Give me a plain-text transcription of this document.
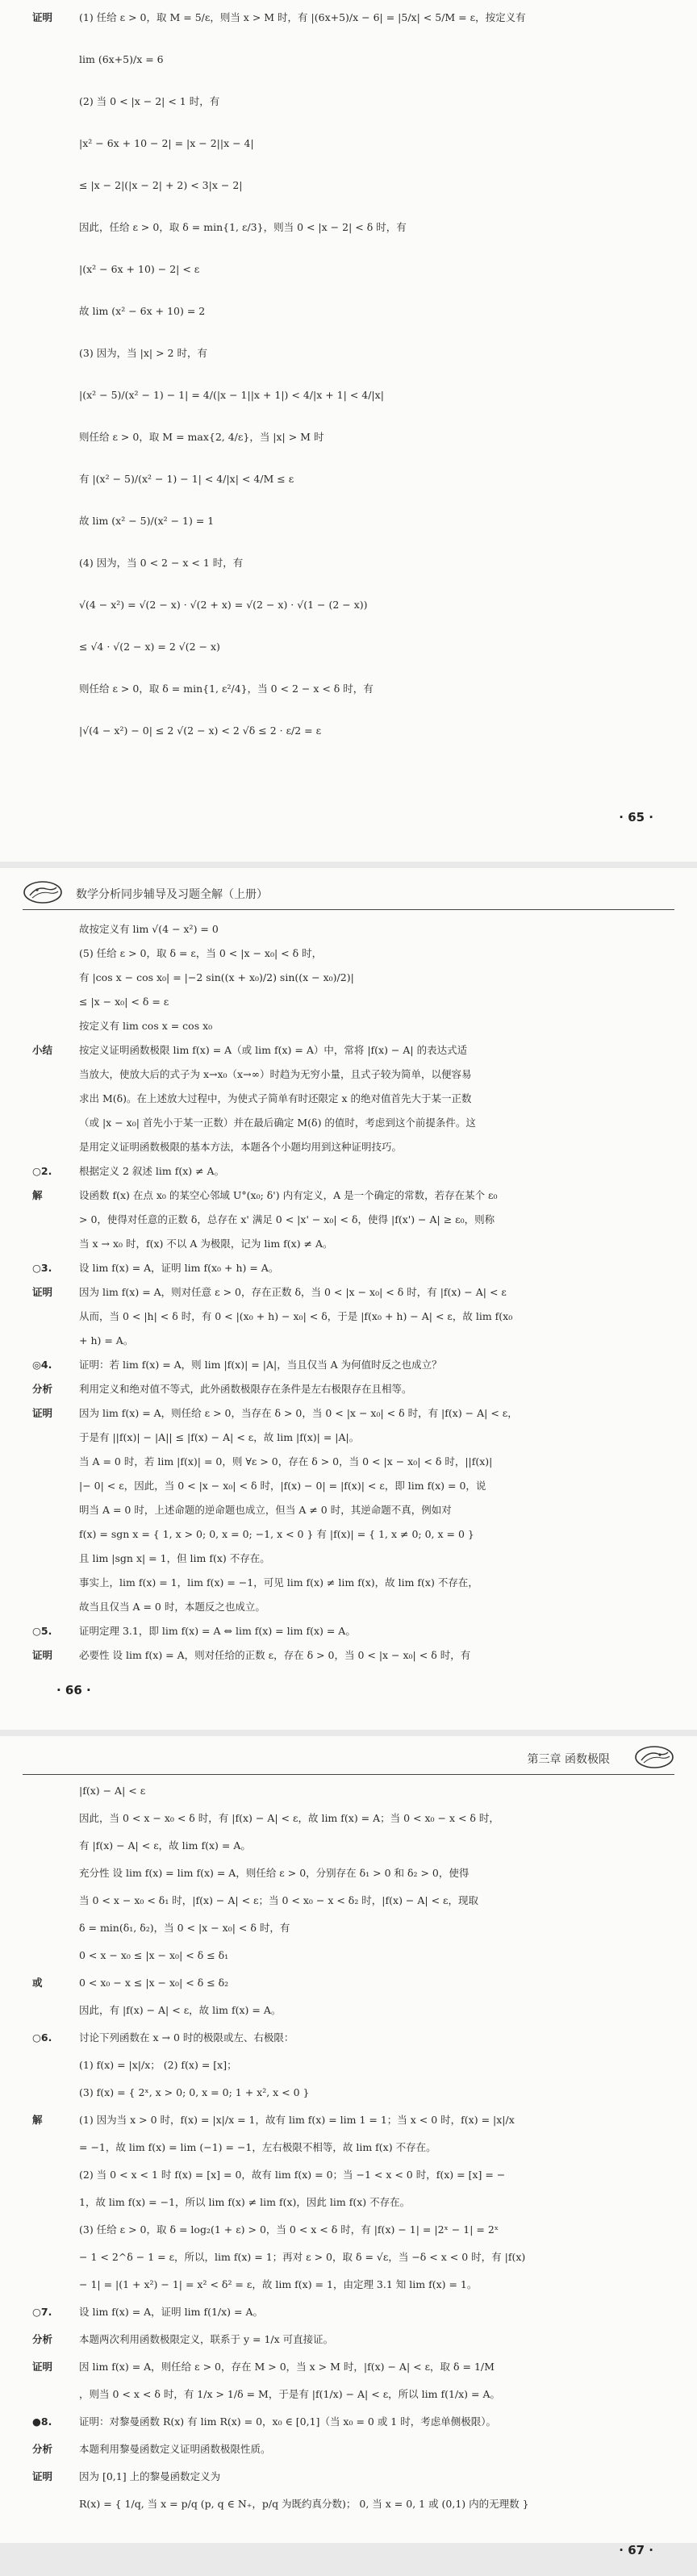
证明	(1) 任给 ε > 0，取 M = 5/ε，则当 x > M 时，有 |(6x+5)/x − 6| = |5/x| < 5/M = ε，按定义有
lim (6x+5)/x = 6
(2) 当 0 < |x − 2| < 1 时，有
|x² − 6x + 10 − 2| = |x − 2||x − 4|
≤ |x − 2|(|x − 2| + 2) < 3|x − 2|
因此，任给 ε > 0，取 δ = min{1, ε/3}，则当 0 < |x − 2| < δ 时，有
|(x² − 6x + 10) − 2| < ε
故 lim (x² − 6x + 10) = 2
(3) 因为，当 |x| > 2 时，有
|(x² − 5)/(x² − 1) − 1| = 4/(|x − 1||x + 1|) < 4/|x + 1| < 4/|x|
则任给 ε > 0，取 M = max{2, 4/ε}，当 |x| > M 时
有 |(x² − 5)/(x² − 1) − 1| < 4/|x| < 4/M ≤ ε
故 lim (x² − 5)/(x² − 1) = 1
(4) 因为，当 0 < 2 − x < 1 时，有
√(4 − x²) = √(2 − x) · √(2 + x) = √(2 − x) · √(1 − (2 − x))
≤ √4 · √(2 − x) = 2 √(2 − x)
则任给 ε > 0，取 δ = min{1, ε²/4}，当 0 < 2 − x < δ 时，有
|√(4 − x²) − 0| ≤ 2 √(2 − x) < 2 √δ ≤ 2 · ε/2 = ε
· 65 ·
数学分析同步辅导及习题全解（上册）
故按定义有 lim √(4 − x²) = 0
(5) 任给 ε > 0，取 δ = ε，当 0 < |x − x₀| < δ 时，
有 |cos x − cos x₀| = |−2 sin((x + x₀)/2) sin((x − x₀)/2)|
≤ |x − x₀| < δ = ε
按定义有 lim cos x = cos x₀
小结	按定义证明函数极限 lim f(x) = A（或 lim f(x) = A）中，常将 |f(x) − A| 的表达式适
当放大，使放大后的式子为 x→x₀（x→∞）时趋为无穷小量，且式子较为简单，以便容易
求出 M(δ)。在上述放大过程中，为使式子简单有时还限定 x 的绝对值首先大于某一正数
（或 |x − x₀| 首先小于某一正数）并在最后确定 M(δ) 的值时，考虑到这个前提条件。这
是用定义证明函数极限的基本方法，本题各个小题均用到这种证明技巧。
○2.	根据定义 2 叙述 lim f(x) ≠ A。
解	设函数 f(x) 在点 x₀ 的某空心邻域 U°(x₀; δ') 内有定义，A 是一个确定的常数，若存在某个 ε₀
> 0，使得对任意的正数 δ，总存在 x' 满足 0 < |x' − x₀| < δ，使得 |f(x') − A| ≥ ε₀，则称
当 x → x₀ 时，f(x) 不以 A 为极限，记为 lim f(x) ≠ A。
○3.	设 lim f(x) = A，证明 lim f(x₀ + h) = A。
证明	因为 lim f(x) = A，则对任意 ε > 0，存在正数 δ，当 0 < |x − x₀| < δ 时，有 |f(x) − A| < ε
从而，当 0 < |h| < δ 时，有 0 < |(x₀ + h) − x₀| < δ，于是 |f(x₀ + h) − A| < ε，故 lim f(x₀
+ h) = A。
◎4.	证明：若 lim f(x) = A，则 lim |f(x)| = |A|，当且仅当 A 为何值时反之也成立？
分析	利用定义和绝对值不等式，此外函数极限存在条件是左右极限存在且相等。
证明	因为 lim f(x) = A，则任给 ε > 0，当存在 δ > 0，当 0 < |x − x₀| < δ 时，有 |f(x) − A| < ε，
于是有 ||f(x)| − |A|| ≤ |f(x) − A| < ε，故 lim |f(x)| = |A|。
当 A = 0 时，若 lim |f(x)| = 0，则 ∀ε > 0，存在 δ > 0，当 0 < |x − x₀| < δ 时，||f(x)|
|− 0| < ε，因此，当 0 < |x − x₀| < δ 时，|f(x) − 0| = |f(x)| < ε，即 lim f(x) = 0，说
明当 A = 0 时，上述命题的逆命题也成立，但当 A ≠ 0 时，其逆命题不真，例如对
f(x) = sgn x = { 1, x > 0; 0, x = 0; −1, x < 0 } 有 |f(x)| = { 1, x ≠ 0; 0, x = 0 }
且 lim |sgn x| = 1，但 lim f(x) 不存在。
事实上，lim f(x) = 1，lim f(x) = −1，可见 lim f(x) ≠ lim f(x)，故 lim f(x) 不存在，
故当且仅当 A = 0 时，本题反之也成立。
○5.	证明定理 3.1，即 lim f(x) = A ⇔ lim f(x) = lim f(x) = A。
证明	必要性 设 lim f(x) = A，则对任给的正数 ε，存在 δ > 0，当 0 < |x − x₀| < δ 时，有
· 66 ·
第三章 函数极限
|f(x) − A| < ε
因此，当 0 < x − x₀ < δ 时，有 |f(x) − A| < ε，故 lim f(x) = A；当 0 < x₀ − x < δ 时，
有 |f(x) − A| < ε，故 lim f(x) = A。
充分性 设 lim f(x) = lim f(x) = A，则任给 ε > 0，分别存在 δ₁ > 0 和 δ₂ > 0，使得
当 0 < x − x₀ < δ₁ 时，|f(x) − A| < ε；当 0 < x₀ − x < δ₂ 时，|f(x) − A| < ε，现取
δ = min(δ₁, δ₂)，当 0 < |x − x₀| < δ 时，有
0 < x − x₀ ≤ |x − x₀| < δ ≤ δ₁
或	0 < x₀ − x ≤ |x − x₀| < δ ≤ δ₂
因此，有 |f(x) − A| < ε，故 lim f(x) = A。
○6.	讨论下列函数在 x → 0 时的极限或左、右极限：
(1) f(x) = |x|/x； (2) f(x) = [x]；
(3) f(x) = { 2ˣ, x > 0; 0, x = 0; 1 + x², x < 0 }
解	(1) 因为当 x > 0 时，f(x) = |x|/x = 1，故有 lim f(x) = lim 1 = 1；当 x < 0 时，f(x) = |x|/x
= −1，故 lim f(x) = lim (−1) = −1，左右极限不相等，故 lim f(x) 不存在。
(2) 当 0 < x < 1 时 f(x) = [x] = 0，故有 lim f(x) = 0；当 −1 < x < 0 时，f(x) = [x] = −
1，故 lim f(x) = −1，所以 lim f(x) ≠ lim f(x)，因此 lim f(x) 不存在。
(3) 任给 ε > 0，取 δ = log₂(1 + ε) > 0，当 0 < x < δ 时，有 |f(x) − 1| = |2ˣ − 1| = 2ˣ
− 1 < 2^δ − 1 = ε，所以，lim f(x) = 1；再对 ε > 0，取 δ = √ε，当 −δ < x < 0 时，有 |f(x)
− 1| = |(1 + x²) − 1| = x² < δ² = ε，故 lim f(x) = 1，由定理 3.1 知 lim f(x) = 1。
○7.	设 lim f(x) = A，证明 lim f(1/x) = A。
分析	本题两次利用函数极限定义，联系于 y = 1/x 可直接证。
证明	因 lim f(x) = A，则任给 ε > 0，存在 M > 0，当 x > M 时，|f(x) − A| < ε，取 δ = 1/M
，则当 0 < x < δ 时，有 1/x > 1/δ = M，于是有 |f(1/x) − A| < ε，所以 lim f(1/x) = A。
●8.	证明：对黎曼函数 R(x) 有 lim R(x) = 0，x₀ ∈ [0,1]（当 x₀ = 0 或 1 时，考虑单侧极限）。
分析	本题利用黎曼函数定义证明函数极限性质。
证明	因为 [0,1] 上的黎曼函数定义为
R(x) = { 1/q, 当 x = p/q (p, q ∈ N₊，p/q 为既约真分数)； 0, 当 x = 0, 1 或 (0,1) 内的无理数 }
· 67 ·
